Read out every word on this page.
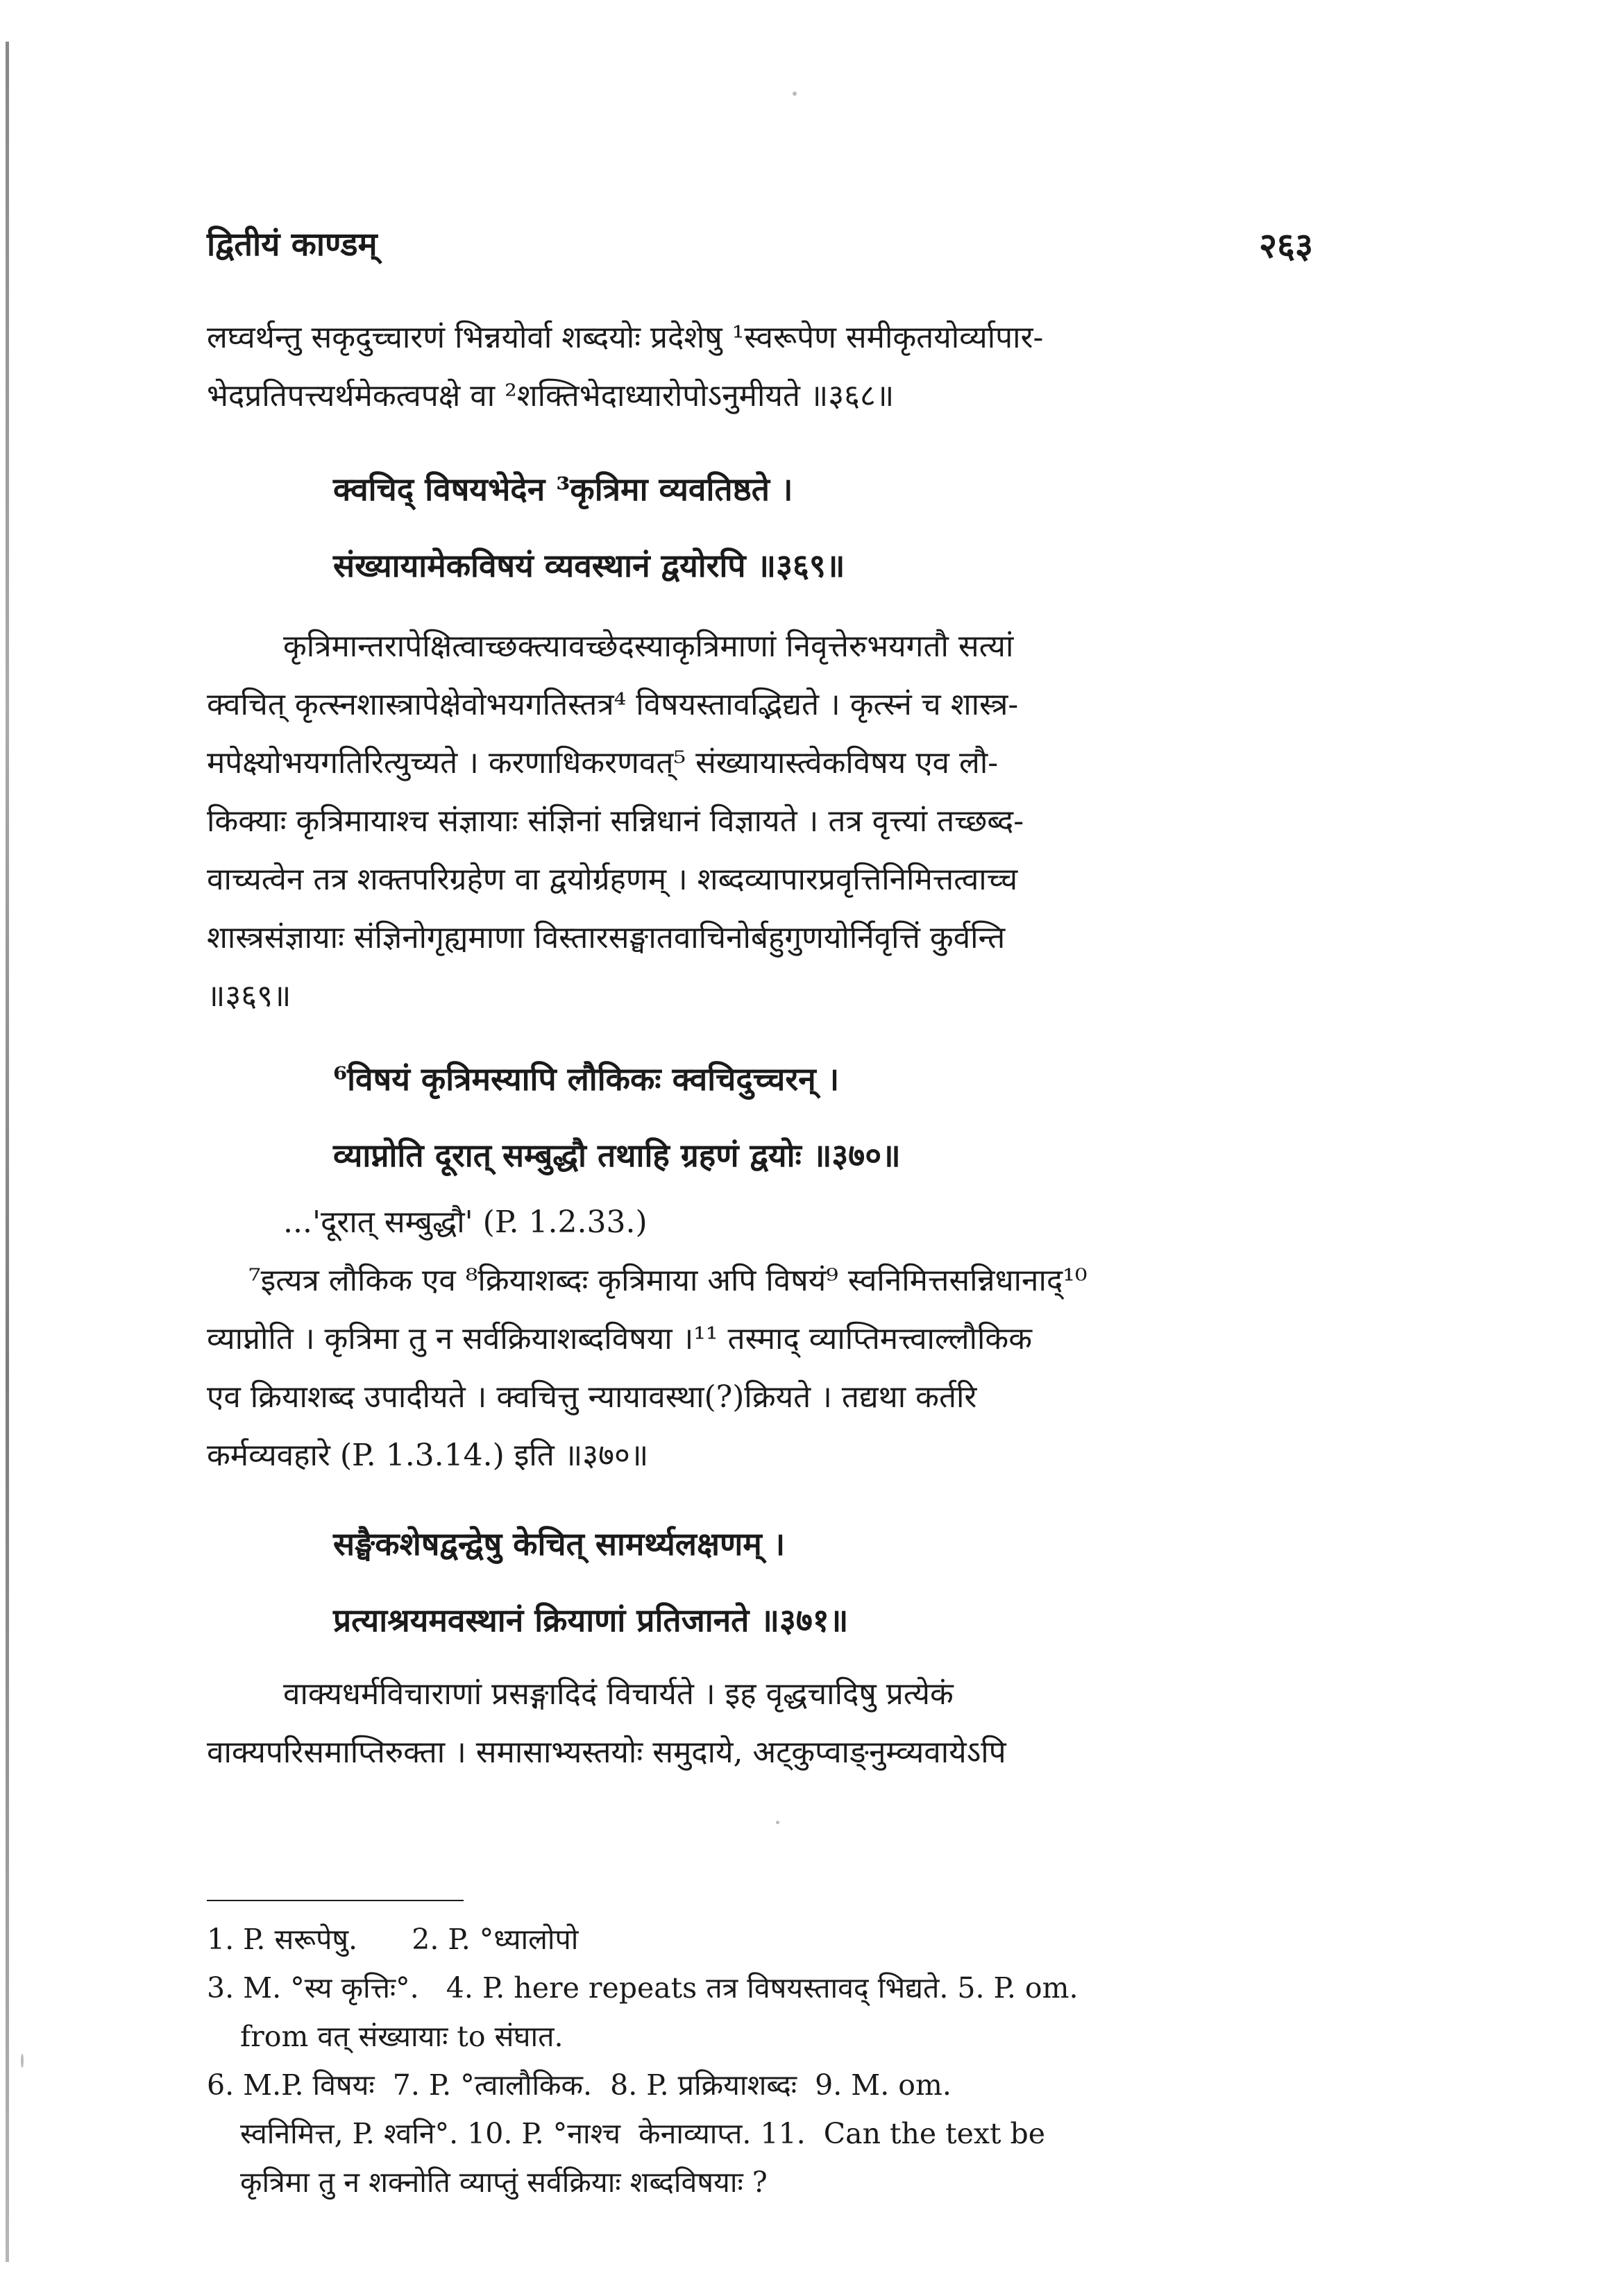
द्वितीयं काण्डम्	२६३
लघ्वर्थन्तु सकृदुच्चारणं भिन्नयोर्वा शब्दयोः प्रदेशेषु ¹स्वरूपेण समीकृतयोर्व्यापार-
भेदप्रतिपत्त्यर्थमेकत्वपक्षे वा ²शक्तिभेदाध्यारोपोऽनुमीयते ॥३६८॥
क्वचिद् विषयभेदेन ³कृत्रिमा व्यवतिष्ठते ।
संख्यायामेकविषयं व्यवस्थानं द्वयोरपि ॥३६९॥
कृत्रिमान्तरापेक्षित्वाच्छक्त्यावच्छेदस्याकृत्रिमाणां निवृत्तेरुभयगतौ सत्यां
क्वचित् कृत्स्नशास्त्रापेक्षेवोभयगतिस्तत्र⁴ विषयस्तावद्भिद्यते । कृत्स्नं च शास्त्र-
मपेक्ष्योभयगतिरित्युच्यते । करणाधिकरणवत्⁵ संख्यायास्त्वेकविषय एव लौ-
किक्याः कृत्रिमायाश्च संज्ञायाः संज्ञिनां सन्निधानं विज्ञायते । तत्र वृत्त्यां तच्छब्द-
वाच्यत्वेन तत्र शक्तपरिग्रहेण वा द्वयोर्ग्रहणम् । शब्दव्यापारप्रवृत्तिनिमित्तत्वाच्च
शास्त्रसंज्ञायाः संज्ञिनोगृह्यमाणा विस्तारसङ्घातवाचिनोर्बहुगुणयोर्निवृत्तिं कुर्वन्ति
॥३६९॥
⁶विषयं कृत्रिमस्यापि लौकिकः क्वचिदुच्चरन् ।
व्याप्नोति दूरात् सम्बुद्धौ तथाहि ग्रहणं द्वयोः ॥३७०॥
...'दूरात् सम्बुद्धौ' (P. 1.2.33.)
⁷इत्यत्र लौकिक एव ⁸क्रियाशब्दः कृत्रिमाया अपि विषयं⁹ स्वनिमित्तसन्निधानाद्¹⁰
व्याप्नोति । कृत्रिमा तु न सर्वक्रियाशब्दविषया ।¹¹ तस्माद् व्याप्तिमत्त्वाल्लौकिक
एव क्रियाशब्द उपादीयते । क्वचित्तु न्यायावस्था(?)क्रियते । तद्यथा कर्तरि
कर्मव्यवहारे (P. 1.3.14.) इति ॥३७०॥
सङ्घैकशेषद्वन्द्वेषु केचित् सामर्थ्यलक्षणम् ।
प्रत्याश्रयमवस्थानं क्रियाणां प्रतिजानते ॥३७१॥
वाक्यधर्मविचाराणां प्रसङ्गादिदं विचार्यते । इह वृद्धचादिषु प्रत्येकं
वाक्यपरिसमाप्तिरुक्ता । समासाभ्यस्तयोः समुदाये, अट्कुप्वाङ्नुम्व्यवायेऽपि
1. P. सरूपेषु.      2. P. °ध्यालोपो
3. M. °स्य कृत्तिः°.   4. P. here repeats तत्र विषयस्तावद् भिद्यते. 5. P. om.
from वत् संख्यायाः to संघात.
6. M.P. विषयः  7. P. °त्वालौकिक.  8. P. प्रक्रियाशब्दः  9. M. om.
स्वनिमित्त, P. श्वनि°. 10. P. °नाश्च  केनाव्याप्त. 11.  Can the text be
कृत्रिमा तु न शक्नोति व्याप्तुं सर्वक्रियाः शब्दविषयाः ?
